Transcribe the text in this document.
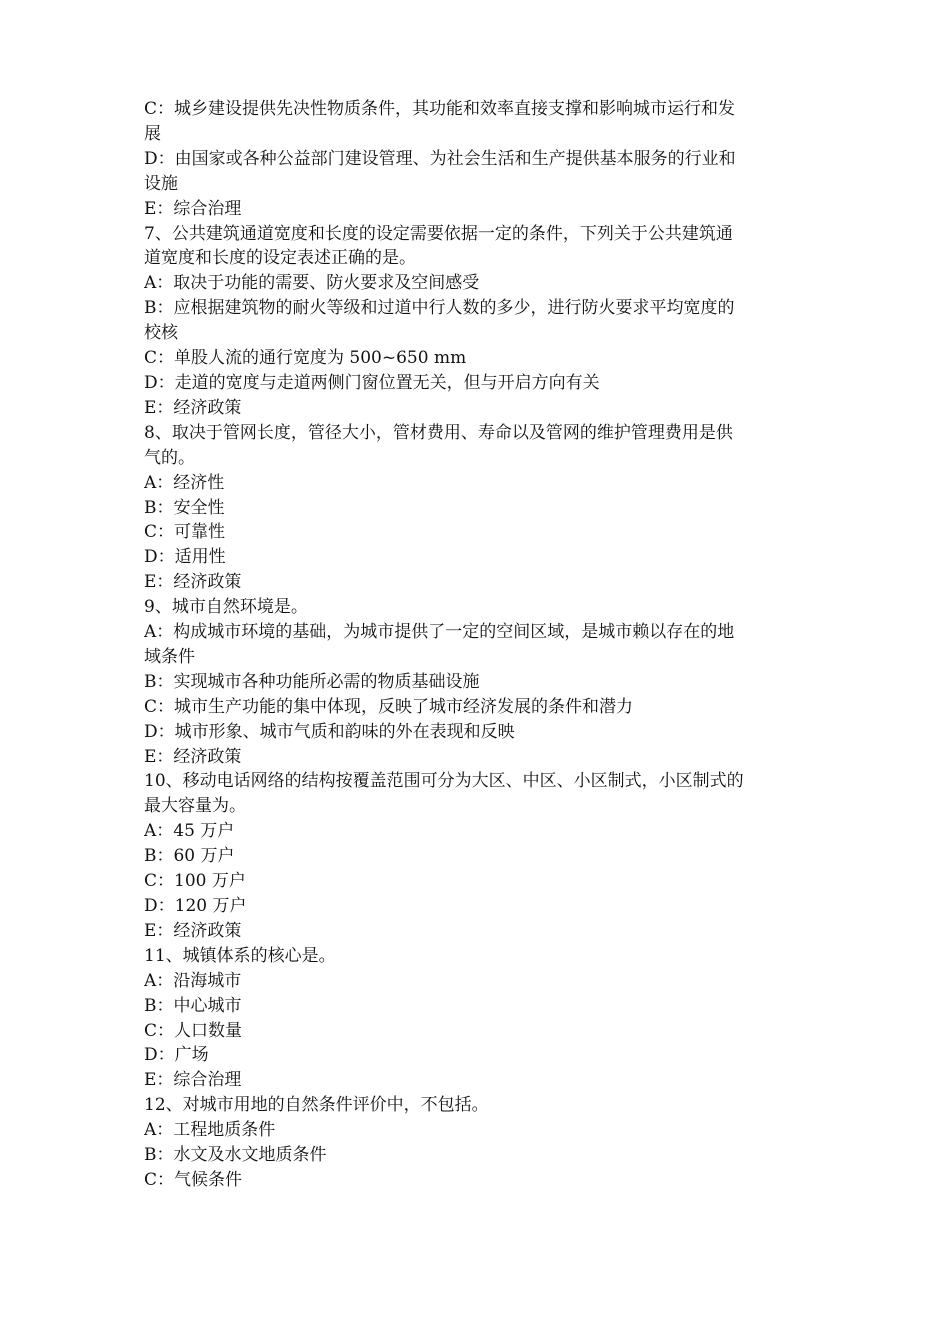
C：城乡建设提供先决性物质条件，其功能和效率直接支撑和影响城市运行和发
展
D：由国家或各种公益部门建设管理、为社会生活和生产提供基本服务的行业和
设施
E：综合治理
7、公共建筑通道宽度和长度的设定需要依据一定的条件，下列关于公共建筑通
道宽度和长度的设定表述正确的是。
A：取决于功能的需要、防火要求及空间感受
B：应根据建筑物的耐火等级和过道中行人数的多少，进行防火要求平均宽度的
校核
C：单股人流的通行宽度为 500~650 mm
D：走道的宽度与走道两侧门窗位置无关，但与开启方向有关
E：经济政策
8、取决于管网长度，管径大小，管材费用、寿命以及管网的维护管理费用是供
气的。
A：经济性
B：安全性
C：可靠性
D：适用性
E：经济政策
9、城市自然环境是。
A：构成城市环境的基础，为城市提供了一定的空间区域，是城市赖以存在的地
域条件
B：实现城市各种功能所必需的物质基础设施
C：城市生产功能的集中体现，反映了城市经济发展的条件和潜力
D：城市形象、城市气质和韵味的外在表现和反映
E：经济政策
10、移动电话网络的结构按覆盖范围可分为大区、中区、小区制式，小区制式的
最大容量为。
A：45 万户
B：60 万户
C：100 万户
D：120 万户
E：经济政策
11、城镇体系的核心是。
A：沿海城市
B：中心城市
C：人口数量
D：广场
E：综合治理
12、对城市用地的自然条件评价中，不包括。
A：工程地质条件
B：水文及水文地质条件
C：气候条件
